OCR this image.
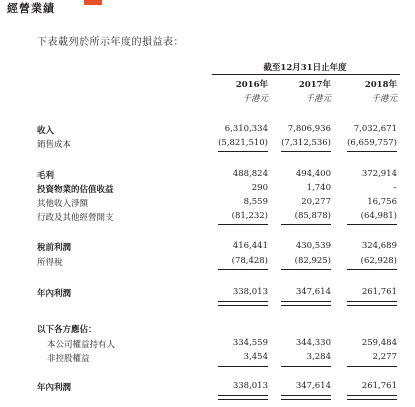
經營業績
下表載列於所示年度的損益表：
截至12月31日止年度
2016年	2017年	2018年
千港元	千港元	千港元
收入	6,310,334	7,806,936	7,032,671
銷售成本	(5,821,510)	(7,312,536)	(6,659,757)
毛利	488,824	494,400	372,914
投資物業的估值收益	290	1,740	–
其他收入淨額	8,559	20,277	16,756
行政及其他經營開支	(81,232)	(85,878)	(64,981)
稅前利潤	416,441	430,539	324,689
所得稅	(78,428)	(82,925)	(62,928)
年內利潤	338,013	347,614	261,761
以下各方應佔：
本公司權益持有人	334,559	344,330	259,484
非控股權益	3,454	3,284	2,277
年內利潤	338,013	347,614	261,761
